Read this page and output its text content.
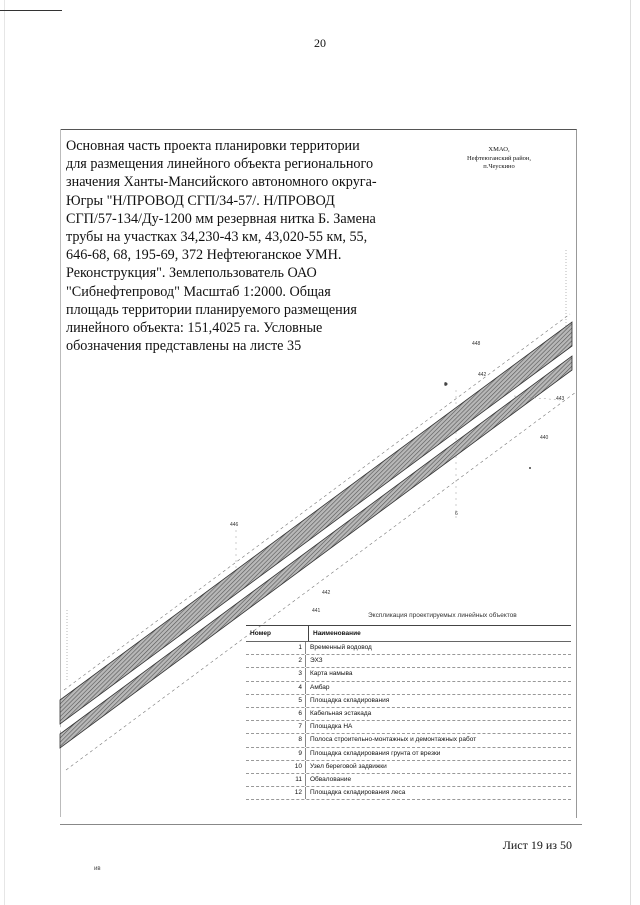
20
448
442
443
440
446
442
441
6
Основная часть проекта планировки территории для размещения линейного объекта регионального значения Ханты-Мансийского автономного округа-Югры "Н/ПРОВОД СГП/34-57/. Н/ПРОВОД СГП/57-134/Ду-1200 мм резервная нитка Б. Замена трубы на участках 34,230-43 км, 43,020-55 км, 55, 646-68, 68, 195-69, 372 Нефтеюганское УМН. Реконструкция". Землепользователь ОАО "Сибнефтепровод" Масштаб 1:2000. Общая площадь территории планируемого размещения линейного объекта: 151,4025 га. Условные обозначения представлены на листе 35
ХМАО,
Нефтеюганский район,
п.Чеускино
Экспликация проектируемых линейных объектов
Номер	Наименование
1	Временный водовод
2	ЭХЗ
3	Карта намыва
4	Амбар
5	Площадка складирования
6	Кабельная эстакада
7	Площадка НА
8	Полоса строительно-монтажных и демонтажных работ
9	Площадка складирования грунта от врезки
10	Узел береговой задвижки
11	Обвалование
12	Площадка складирования леса
Лист 19 из 50
ив
